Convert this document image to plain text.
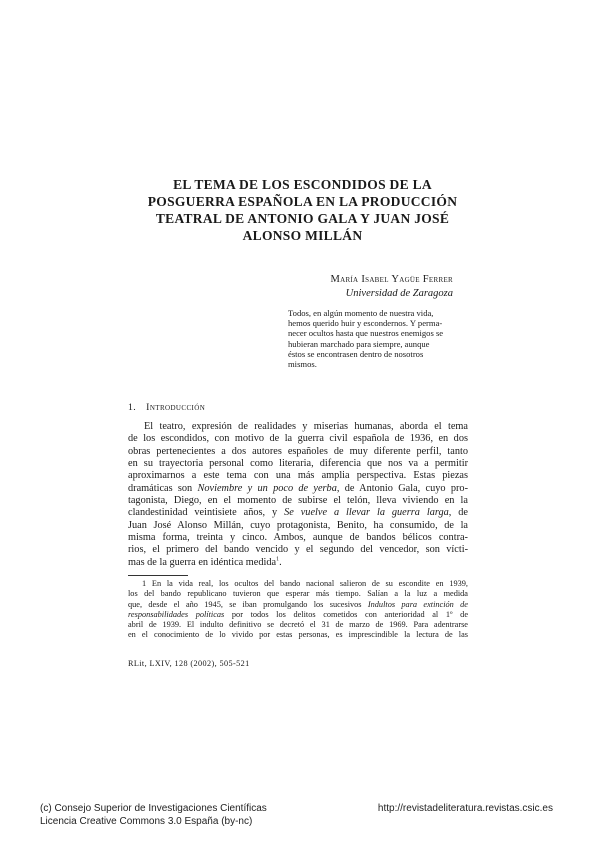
EL TEMA DE LOS ESCONDIDOS DE LA
POSGUERRA ESPAÑOLA EN LA PRODUCCIÓN
TEATRAL DE ANTONIO GALA Y JUAN JOSÉ
ALONSO MILLÁN
María Isabel Yagüe Ferrer
Universidad de Zaragoza
Todos, en algún momento de nuestra vida,
hemos querido huir y escondernos. Y perma-
necer ocultos hasta que nuestros enemigos se
hubieran marchado para siempre, aunque
éstos se encontrasen dentro de nosotros
mismos.
1. Introducción
El teatro, expresión de realidades y miserias humanas, aborda el tema
de los escondidos, con motivo de la guerra civil española de 1936, en dos
obras pertenecientes a dos autores españoles de muy diferente perfil, tanto
en su trayectoria personal como literaria, diferencia que nos va a permitir
aproximarnos a este tema con una más amplia perspectiva. Estas piezas
dramáticas son Noviembre y un poco de yerba, de Antonio Gala, cuyo pro-
tagonista, Diego, en el momento de subirse el telón, lleva viviendo en la
clandestinidad veintisiete años, y Se vuelve a llevar la guerra larga, de
Juan José Alonso Millán, cuyo protagonista, Benito, ha consumido, de la
misma forma, treinta y cinco. Ambos, aunque de bandos bélicos contra-
rios, el primero del bando vencido y el segundo del vencedor, son vícti-
mas de la guerra en idéntica medida$^1$.
1 En la vida real, los ocultos del bando nacional salieron de su escondite en 1939,
los del bando republicano tuvieron que esperar más tiempo. Salían a la luz a medida
que, desde el año 1945, se iban promulgando los sucesivos Indultos para extinción de
responsabilidades políticas por todos los delitos cometidos con anterioridad al 1º de
abril de 1939. El indulto definitivo se decretó el 31 de marzo de 1969. Para adentrarse
en el conocimiento de lo vivido por estas personas, es imprescindible la lectura de las
RLit, LXIV, 128 (2002), 505-521
(c) Consejo Superior de Investigaciones Científicas
Licencia Creative Commons 3.0 España (by-nc)
http://revistadeliteratura.revistas.csic.es
